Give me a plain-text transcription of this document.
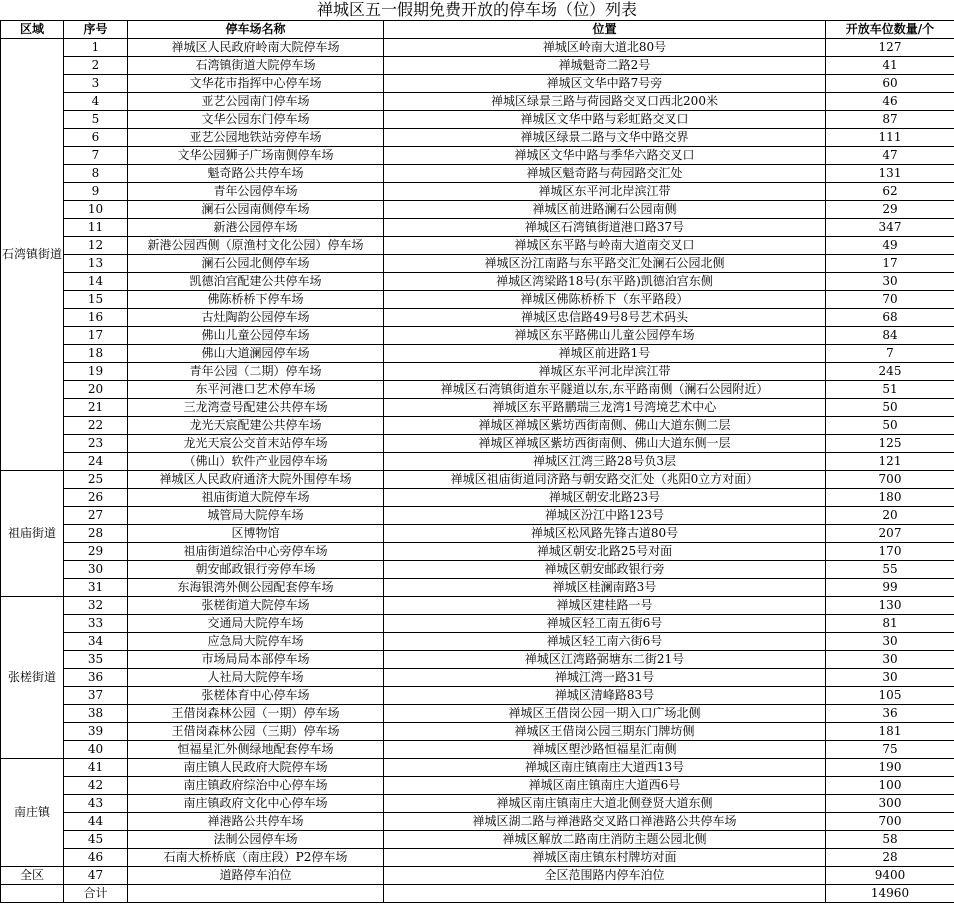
禅城区五一假期免费开放的停车场（位）列表
区域	序号	停车场名称	位置	开放车位数量/个
石湾镇街道	1	禅城区人民政府岭南大院停车场	禅城区岭南大道北80号	127
	2	石湾镇街道大院停车场	禅城魁奇二路2号	41
	3	文华花市指挥中心停车场	禅城区文华中路7号旁	60
	4	亚艺公园南门停车场	禅城区绿景三路与荷园路交叉口西北200米	46
	5	文华公园东门停车场	禅城区文华中路与彩虹路交叉口	87
	6	亚艺公园地铁站旁停车场	禅城区绿景二路与文华中路交界	111
	7	文华公园狮子广场南侧停车场	禅城区文华中路与季华六路交叉口	47
	8	魁奇路公共停车场	禅城区魁奇路与荷园路交汇处	131
	9	青年公园停车场	禅城区东平河北岸滨江带	62
	10	澜石公园南侧停车场	禅城区前进路澜石公园南侧	29
	11	新港公园停车场	禅城区石湾镇街道港口路37号	347
	12	新港公园西侧（原渔村文化公园）停车场	禅城区东平路与岭南大道南交叉口	49
	13	澜石公园北侧停车场	禅城区汾江南路与东平路交汇处澜石公园北侧	17
	14	凯德泊宫配建公共停车场	禅城区湾梁路18号(东平路)凯德泊宫东侧	30
	15	佛陈桥桥下停车场	禅城区佛陈桥桥下（东平路段）	70
	16	古灶陶韵公园停车场	禅城区忠信路49号8号艺术码头	68
	17	佛山儿童公园停车场	禅城区东平路佛山儿童公园停车场	84
	18	佛山大道澜园停车场	禅城区前进路1号	7
	19	青年公园（二期）停车场	禅城区东平河北岸滨江带	245
	20	东平河港口艺术停车场	禅城区石湾镇街道东平隧道以东,东平路南侧（澜石公园附近）	51
	21	三龙湾壹号配建公共停车场	禅城区东平路鹏瑞三龙湾1号湾境艺术中心	50
	22	龙光天宸配建公共停车场	禅城区禅城区紫坊西街南侧、佛山大道东侧二层	50
	23	龙光天宸公交首末站停车场	禅城区禅城区紫坊西街南侧、佛山大道东侧一层	125
	24	（佛山）软件产业园停车场	禅城区江湾三路28号负3层	121
祖庙街道	25	禅城区人民政府通济大院外围停车场	禅城区祖庙街道同济路与朝安路交汇处（兆阳0立方对面）	700
	26	祖庙街道大院停车场	禅城区朝安北路23号	180
	27	城管局大院停车场	禅城区汾江中路123号	20
	28	区博物馆	禅城区松风路先锋古道80号	207
	29	祖庙街道综治中心旁停车场	禅城区朝安北路25号对面	170
	30	朝安邮政银行旁停车场	禅城区朝安邮政银行旁	55
	31	东海银湾外侧公园配套停车场	禅城区桂澜南路3号	99
张槎街道	32	张槎街道大院停车场	禅城区建桂路一号	130
	33	交通局大院停车场	禅城区轻工南五街6号	81
	34	应急局大院停车场	禅城区轻工南六街6号	30
	35	市场局局本部停车场	禅城区江湾路弼塘东二街21号	30
	36	人社局大院停车场	禅城江湾一路31号	30
	37	张槎体育中心停车场	禅城区清峰路83号	105
	38	王借岗森林公园（一期）停车场	禅城区王借岗公园一期入口广场北侧	36
	39	王借岗森林公园（三期）停车场	禅城区王借岗公园三期东门牌坊侧	181
	40	恒福星汇外侧绿地配套停车场	禅城区塱沙路恒福星汇南侧	75
南庄镇	41	南庄镇人民政府大院停车场	禅城区南庄镇南庄大道西13号	190
	42	南庄镇政府综治中心停车场	禅城区南庄镇南庄大道西6号	100
	43	南庄镇政府文化中心停车场	禅城区南庄镇南庄大道北侧登贤大道东侧	300
	44	禅港路公共停车场	禅城区湖二路与禅港路交叉路口禅港路公共停车场	700
	45	法制公园停车场	禅城区解放二路南庄消防主题公园北侧	58
	46	石南大桥桥底（南庄段）P2停车场	禅城区南庄镇东村牌坊对面	28
全区	47	道路停车泊位	全区范围路内停车泊位	9400
	合计			14960
